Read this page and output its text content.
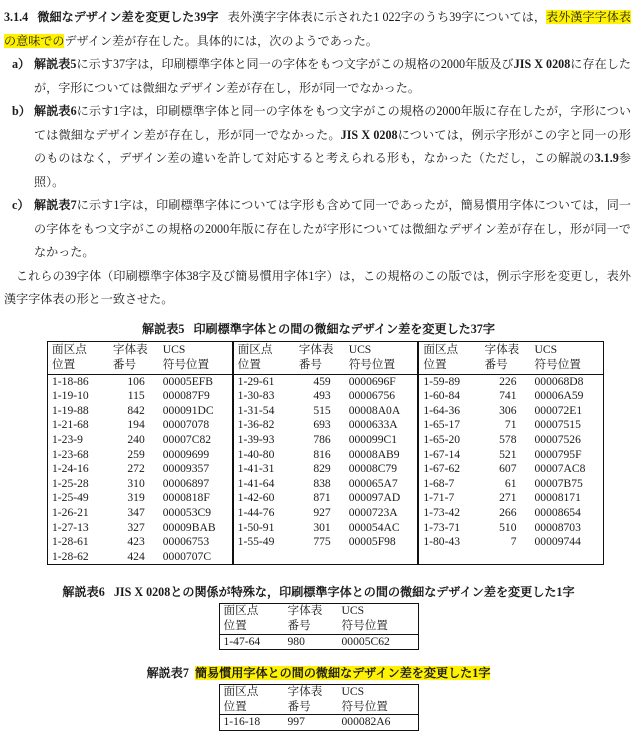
3.1.4 微細なデザイン差を変更した39字 表外漢字字体表に示された1 022字のうち39字については，表外漢字字体表の意味でのデザイン差が存在した。具体的には，次のようであった。
a） 解説表5に示す37字は，印刷標準字体と同一の字体をもつ文字がこの規格の2000年版及びJIS X 0208に存在したが，字形については微細なデザイン差が存在し，形が同一でなかった。
b） 解説表6に示す1字は，印刷標準字体と同一の字体をもつ文字がこの規格の2000年版に存在したが，字形については微細なデザイン差が存在し，形が同一でなかった。JIS X 0208については，例示字形がこの字と同一の形のものはなく，デザイン差の違いを許して対応すると考えられる形も，なかった（ただし，この解説の3.1.9参照）。
c） 解説表7に示す1字は，印刷標準字体については字形も含めて同一であったが，簡易慣用字体については，同一の字体をもつ文字がこの規格の2000年版に存在したが字形については微細なデザイン差が存在し，形が同一でなかった。
これらの39字体（印刷標準字体38字及び簡易慣用字体1字）は，この規格のこの版では，例示字形を変更し，表外漢字字体表の形と一致させた。
解説表5 印刷標準字体との間の微細なデザイン差を変更した37字
面区点	字体表	UCS
位置	番号	符号位置
1-18-86	106	00005EFB
1-19-10	115	000087F9
1-19-88	842	000091DC
1-21-68	194	00007078
1-23-9	240	00007C82
1-23-68	259	00009699
1-24-16	272	00009357
1-25-28	310	00006897
1-25-49	319	0000818F
1-26-21	347	000053C9
1-27-13	327	00009BAB
1-28-61	423	00006753
1-28-62	424	0000707C
面区点	字体表	UCS
位置	番号	符号位置
1-29-61	459	0000696F
1-30-83	493	00006756
1-31-54	515	00008A0A
1-36-82	693	0000633A
1-39-93	786	000099C1
1-40-80	816	00008AB9
1-41-31	829	00008C79
1-41-64	838	000065A7
1-42-60	871	000097AD
1-44-76	927	0000723A
1-50-91	301	000054AC
1-55-49	775	00005F98

面区点	字体表	UCS
位置	番号	符号位置
1-59-89	226	000068D8
1-60-84	741	00006A59
1-64-36	306	000072E1
1-65-17	71	00007515
1-65-20	578	00007526
1-67-14	521	0000795F
1-67-62	607	00007AC8
1-68-7	61	00007B75
1-71-7	271	00008171
1-73-42	266	00008654
1-73-71	510	00008703
1-80-43	7	00009744

解説表6 JIS X 0208との関係が特殊な，印刷標準字体との間の微細なデザイン差を変更した1字
面区点	字体表	UCS
位置	番号	符号位置
1-47-64	980	00005C62
解説表7 簡易慣用字体との間の微細なデザイン差を変更した1字
面区点	字体表	UCS
位置	番号	符号位置
1-16-18	997	000082A6
